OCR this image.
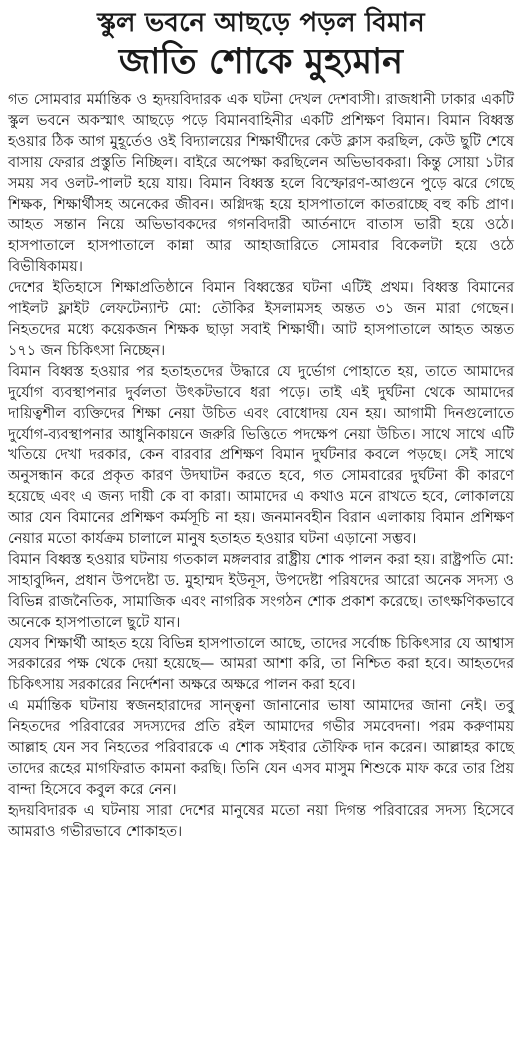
স্কুল ভবনে আছড়ে পড়ল বিমান
জাতি শোকে মুহ্যমান

গত সোমবার মর্মান্তিক ও হৃদয়বিদারক এক ঘটনা দেখল দেশবাসী। রাজধানী ঢাকার একটি স্কুল ভবনে অকস্মাৎ আছড়ে পড়ে বিমানবাহিনীর একটি প্রশিক্ষণ বিমান। বিমান বিধ্বস্ত হওয়ার ঠিক আগ মুহূর্তেও ওই বিদ্যালয়ের শিক্ষার্থীদের কেউ ক্লাস করছিল, কেউ ছুটি শেষে বাসায় ফেরার প্রস্তুতি নিচ্ছিল। বাইরে অপেক্ষা করছিলেন অভিভাবকরা। কিন্তু সোয়া ১টার সময় সব ওলট-পালট হয়ে যায়। বিমান বিধ্বস্ত হলে বিস্ফোরণ-আগুনে পুড়ে ঝরে গেছে শিক্ষক, শিক্ষার্থীসহ অনেকের জীবন। অগ্নিদগ্ধ হয়ে হাসপাতালে কাতরাচ্ছে বহু কচি প্রাণ। আহত সন্তান নিয়ে অভিভাবকদের গগনবিদারী আর্তনাদে বাতাস ভারী হয়ে ওঠে। হাসপাতালে হাসপাতালে কান্না আর আহাজারিতে সোমবার বিকেলটা হয়ে ওঠে বিভীষিকাময়।

দেশের ইতিহাসে শিক্ষাপ্রতিষ্ঠানে বিমান বিধ্বস্তের ঘটনা এটিই প্রথম। বিধ্বস্ত বিমানের পাইলট ফ্লাইট লেফটেন্যান্ট মো: তৌকির ইসলামসহ অন্তত ৩১ জন মারা গেছেন। নিহতদের মধ্যে কয়েকজন শিক্ষক ছাড়া সবাই শিক্ষার্থী। আট হাসপাতালে আহত অন্তত ১৭১ জন চিকিৎসা নিচ্ছেন।

বিমান বিধ্বস্ত হওয়ার পর হতাহতদের উদ্ধারে যে দুর্ভোগ পোহাতে হয়, তাতে আমাদের দুর্যোগ ব্যবস্থাপনার দুর্বলতা উৎকটভাবে ধরা পড়ে। তাই এই দুর্ঘটনা থেকে আমাদের দায়িত্বশীল ব্যক্তিদের শিক্ষা নেয়া উচিত এবং বোধোদয় যেন হয়। আগামী দিনগুলোতে দুর্যোগ-ব্যবস্থাপনার আধুনিকায়নে জরুরি ভিত্তিতে পদক্ষেপ নেয়া উচিত। সাথে সাথে এটি খতিয়ে দেখা দরকার, কেন বারবার প্রশিক্ষণ বিমান দুর্ঘটনার কবলে পড়ছে। সেই সাথে অনুসন্ধান করে প্রকৃত কারণ উদঘাটন করতে হবে, গত সোমবারের দুর্ঘটনা কী কারণে হয়েছে এবং এ জন্য দায়ী কে বা কারা। আমাদের এ কথাও মনে রাখতে হবে, লোকালয়ে আর যেন বিমানের প্রশিক্ষণ কর্মসূচি না হয়। জনমানবহীন বিরান এলাকায় বিমান প্রশিক্ষণ নেয়ার মতো কার্যক্রম চালালে মানুষ হতাহত হওয়ার ঘটনা এড়ানো সম্ভব।

বিমান বিধ্বস্ত হওয়ার ঘটনায় গতকাল মঙ্গলবার রাষ্ট্রীয় শোক পালন করা হয়। রাষ্ট্রপতি মো: সাহাবুদ্দিন, প্রধান উপদেষ্টা ড. মুহাম্মদ ইউনূস, উপদেষ্টা পরিষদের আরো অনেক সদস্য ও বিভিন্ন রাজনৈতিক, সামাজিক এবং নাগরিক সংগঠন শোক প্রকাশ করেছে। তাৎক্ষণিকভাবে অনেকে হাসপাতালে ছুটে যান।

যেসব শিক্ষার্থী আহত হয়ে বিভিন্ন হাসপাতালে আছে, তাদের সর্বোচ্চ চিকিৎসার যে আশ্বাস সরকারের পক্ষ থেকে দেয়া হয়েছে— আমরা আশা করি, তা নিশ্চিত করা হবে। আহতদের চিকিৎসায় সরকারের নির্দেশনা অক্ষরে অক্ষরে পালন করা হবে।

এ মর্মান্তিক ঘটনায় স্বজনহারাদের সান্ত্বনা জানানোর ভাষা আমাদের জানা নেই। তবু নিহতদের পরিবারের সদস্যদের প্রতি রইল আমাদের গভীর সমবেদনা। পরম করুণাময় আল্লাহ যেন সব নিহতের পরিবারকে এ শোক সইবার তৌফিক দান করেন। আল্লাহর কাছে তাদের রূহের মাগফিরাত কামনা করছি। তিনি যেন এসব মাসুম শিশুকে মাফ করে তার প্রিয় বান্দা হিসেবে কবুল করে নেন।

হৃদয়বিদারক এ ঘটনায় সারা দেশের মানুষের মতো নয়া দিগন্ত পরিবারের সদস্য হিসেবে আমরাও গভীরভাবে শোকাহত।
